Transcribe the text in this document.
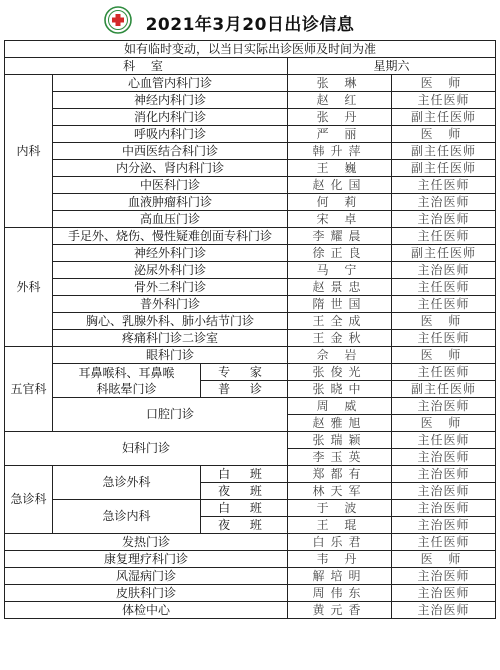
2021年3月20日出诊信息
如有临时变动，以当日实际出诊医师及时间为准				
科 室			星期六	
内科	心血管内科门诊		张 琳	医 师
	神经内科门诊		赵 红	主任医师
	消化内科门诊		张 丹	副主任医师
	呼吸内科门诊		严 丽	医 师
	中西医结合科门诊		韩升萍	副主任医师
	内分泌、肾内科门诊		王 巍	副主任医师
	中医科门诊		赵化国	主任医师
	血液肿瘤科门诊		何 莉	主治医师
	高血压门诊		宋 卓	主治医师
外科	手足外、烧伤、慢性疑难创面专科门诊		李耀晨	主任医师
	神经外科门诊		徐正良	副主任医师
	泌尿外科门诊		马 宁	主治医师
	骨外二科门诊		赵景忠	主任医师
	普外科门诊		隋世国	主任医师
	胸心、乳腺外科、肺小结节门诊		王全成	医 师
	疼痛科门诊二诊室		王金秋	主任医师
五官科	眼科门诊		佘 岩	医 师

	耳鼻喉科、耳鼻喉
科眩晕门诊	专 家	张俊光	主任医师
		普 诊	张晓中	副主任医师
	口腔门诊		周 威	主治医师
			赵雅旭	医 师
妇科门诊			张瑞颖	主任医师
			李玉英	主治医师
急诊科	急诊外科	白 班	郑都有	主治医师
		夜 班	林天军	主治医师
	急诊内科	白 班	于 波	主治医师
		夜 班	王 琨	主治医师
发热门诊			白乐君	主任医师
康复理疗科门诊			韦 丹	医 师
风湿病门诊			解培明	主治医师
皮肤科门诊			周伟东	主治医师
体检中心			黄元香	主治医师
